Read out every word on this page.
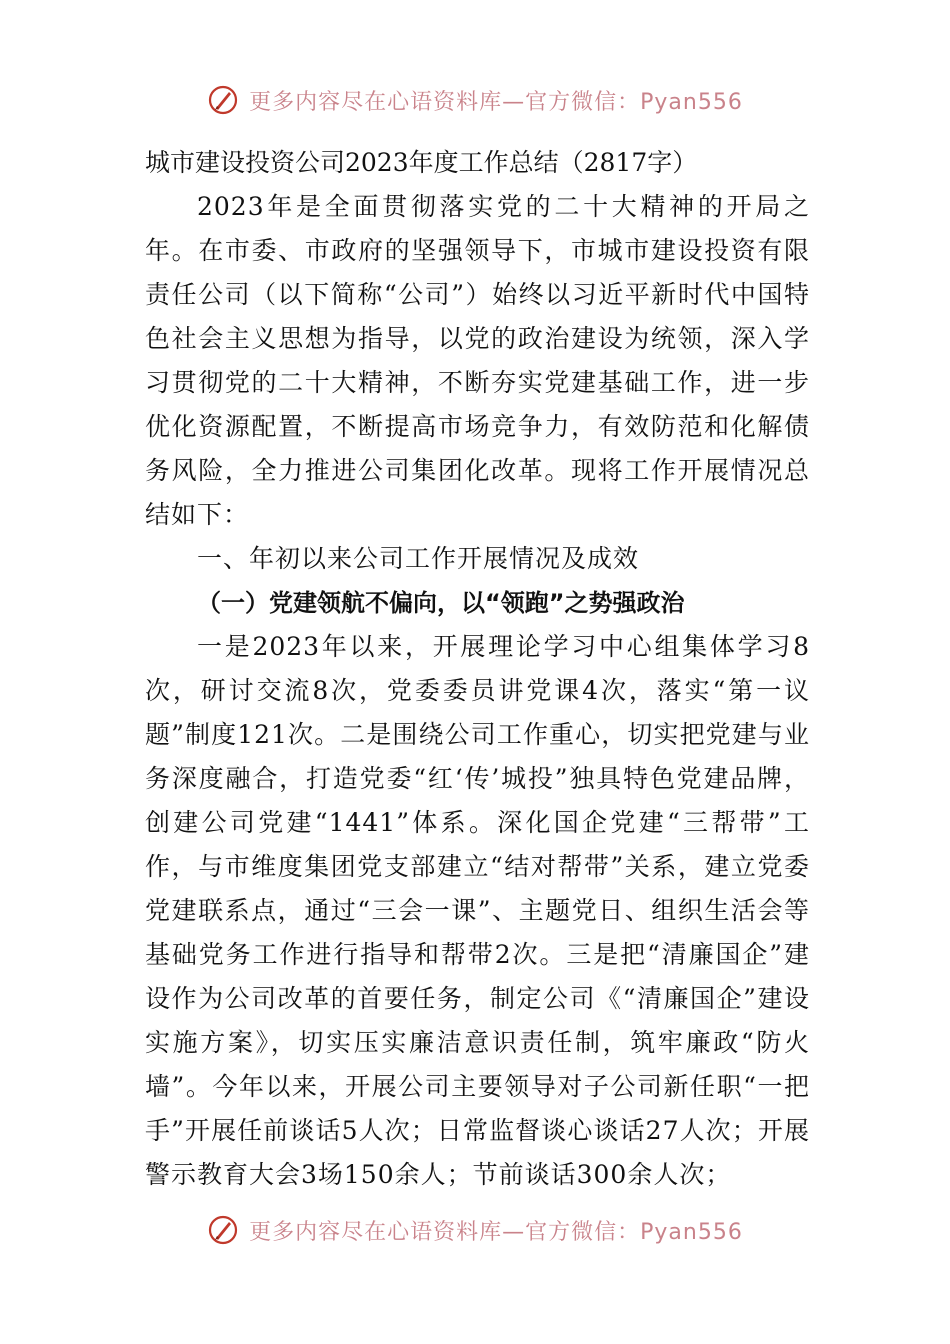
更多内容尽在心语资料库—官方微信：Pyan556

城市建设投资公司2023年度工作总结（2817字）

2023年是全面贯彻落实党的二十大精神的开局之年。在市委、市政府的坚强领导下，市城市建设投资有限责任公司（以下简称“公司”）始终以习近平新时代中国特色社会主义思想为指导，以党的政治建设为统领，深入学习贯彻党的二十大精神，不断夯实党建基础工作，进一步优化资源配置，不断提高市场竞争力，有效防范和化解债务风险，全力推进公司集团化改革。现将工作开展情况总结如下：

一、年初以来公司工作开展情况及成效

（一）党建领航不偏向，以“领跑”之势强政治

一是2023年以来，开展理论学习中心组集体学习8次，研讨交流8次，党委委员讲党课4次，落实“第一议题”制度121次。二是围绕公司工作重心，切实把党建与业务深度融合，打造党委“红‘传’城投”独具特色党建品牌，创建公司党建“1441”体系。深化国企党建“三帮带”工作，与市维度集团党支部建立“结对帮带”关系，建立党委党建联系点，通过“三会一课”、主题党日、组织生活会等基础党务工作进行指导和帮带2次。三是把“清廉国企”建设作为公司改革的首要任务，制定公司《“清廉国企”建设实施方案》，切实压实廉洁意识责任制，筑牢廉政“防火墙”。今年以来，开展公司主要领导对子公司新任职“一把手”开展任前谈话5人次；日常监督谈心谈话27人次；开展警示教育大会3场150余人；节前谈话300余人次；

更多内容尽在心语资料库—官方微信：Pyan556
